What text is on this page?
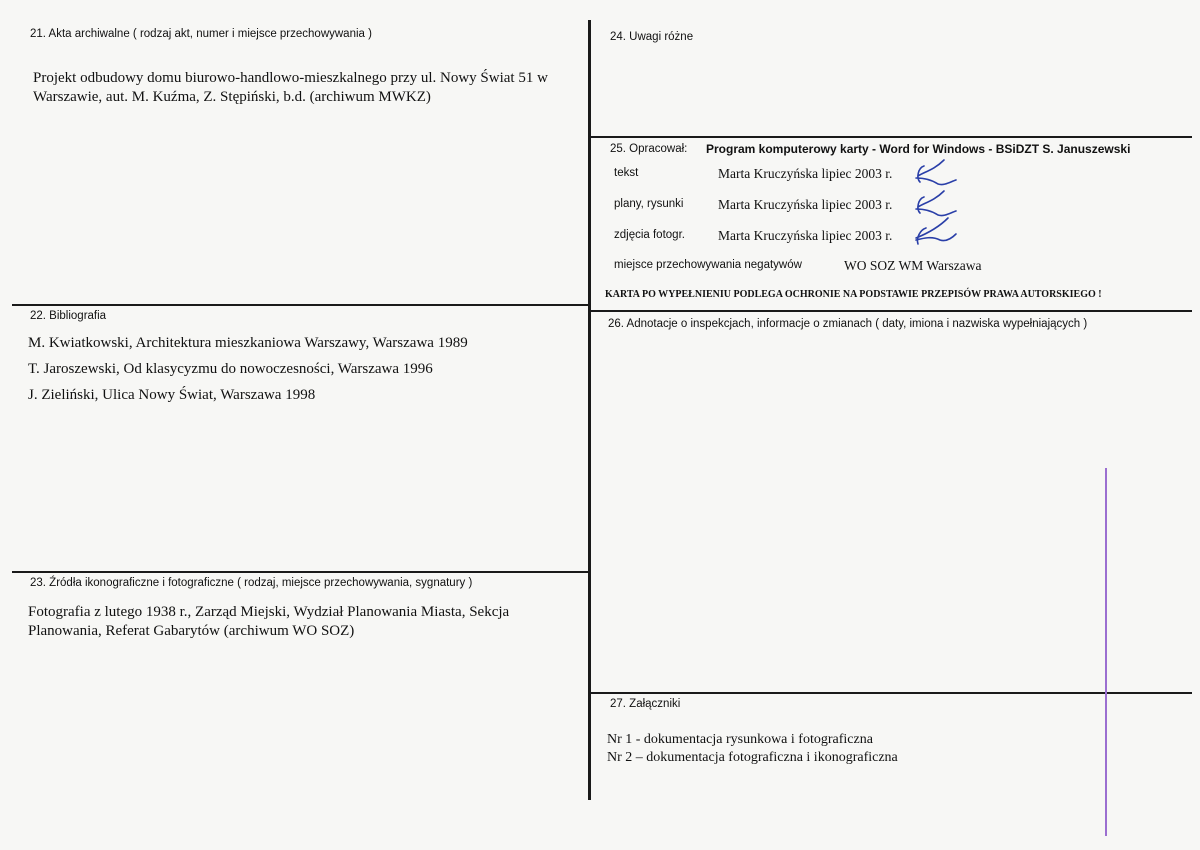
21. Akta archiwalne ( rodzaj akt, numer i miejsce przechowywania )
Projekt odbudowy domu biurowo-handlowo-mieszkalnego przy ul. Nowy Świat 51 w
Warszawie, aut. M. Kuźma, Z. Stępiński, b.d. (archiwum MWKZ)
22. Bibliografia
M. Kwiatkowski, Architektura mieszkaniowa Warszawy, Warszawa 1989
T. Jaroszewski, Od klasycyzmu do nowoczesności, Warszawa 1996
J. Zieliński, Ulica Nowy Świat, Warszawa 1998
23. Źródła ikonograficzne i fotograficzne ( rodzaj, miejsce przechowywania, sygnatury )
Fotografia z lutego 1938 r., Zarząd Miejski, Wydział Planowania Miasta, Sekcja
Planowania, Referat Gabarytów (archiwum WO SOZ)
24. Uwagi różne
25. Opracował: Program komputerowy karty - Word for Windows - BSiDZT S. Januszewski
tekst	Marta Kruczyńska lipiec 2003 r.
plany, rysunki	Marta Kruczyńska lipiec 2003 r.
zdjęcia fotogr. Marta Kruczyńska lipiec 2003 r.
miejsce przechowywania negatywów	WO SOZ WM Warszawa
KARTA PO WYPEŁNIENIU PODLEGA OCHRONIE NA PODSTAWIE PRZEPISÓW PRAWA AUTORSKIEGO !
26. Adnotacje o inspekcjach, informacje o zmianach ( daty, imiona i nazwiska wypełniających )
27. Załączniki
Nr 1 - dokumentacja rysunkowa i fotograficzna
Nr 2 – dokumentacja fotograficzna i ikonograficzna
